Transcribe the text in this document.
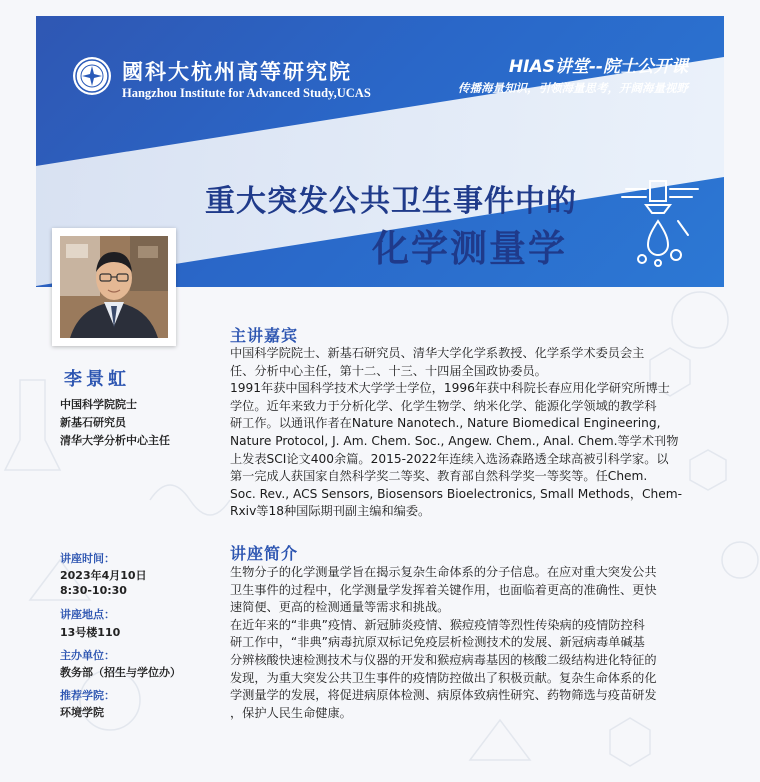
國科大杭州高等研究院
Hangzhou Institute for Advanced Study,UCAS
HIAS讲堂--院士公开课
传播海量知识，引领海量思考，开阔海量视野
重大突发公共卫生事件中的
化学测量学
李景虹
中国科学院院士
新基石研究员
清华大学分析中心主任
讲座时间：
2023年4月10日
8:30-10:30
讲座地点：
13号楼110
主办单位：
教务部（招生与学位办）
推荐学院：
环境学院
主讲嘉宾
中国科学院院士、新基石研究员、清华大学化学系教授、化学系学术委员会主
任、分析中心主任，第十二、十三、十四届全国政协委员。
1991年获中国科学技术大学学士学位，1996年获中科院长春应用化学研究所博士
学位。近年来致力于分析化学、化学生物学、纳米化学、能源化学领域的教学科
研工作。以通讯作者在Nature Nanotech., Nature Biomedical Engineering,
Nature Protocol, J. Am. Chem. Soc., Angew. Chem., Anal. Chem.等学术刊物
上发表SCI论文400余篇。2015-2022年连续入选汤森路透全球高被引科学家。以
第一完成人获国家自然科学奖二等奖、教育部自然科学奖一等奖等。任Chem.
Soc. Rev., ACS Sensors, Biosensors Bioelectronics, Small Methods，Chem-
Rxiv等18种国际期刊副主编和编委。
讲座简介
生物分子的化学测量学旨在揭示复杂生命体系的分子信息。在应对重大突发公共
卫生事件的过程中，化学测量学发挥着关键作用，也面临着更高的准确性、更快
速简便、更高的检测通量等需求和挑战。
在近年来的“非典”疫情、新冠肺炎疫情、猴痘疫情等烈性传染病的疫情防控科
研工作中，“非典”病毒抗原双标记免疫层析检测技术的发展、新冠病毒单碱基
分辨核酸快速检测技术与仪器的开发和猴痘病毒基因的核酸二级结构进化特征的
发现，为重大突发公共卫生事件的疫情防控做出了积极贡献。复杂生命体系的化
学测量学的发展，将促进病原体检测、病原体致病性研究、药物筛选与疫苗研发
，保护人民生命健康。
